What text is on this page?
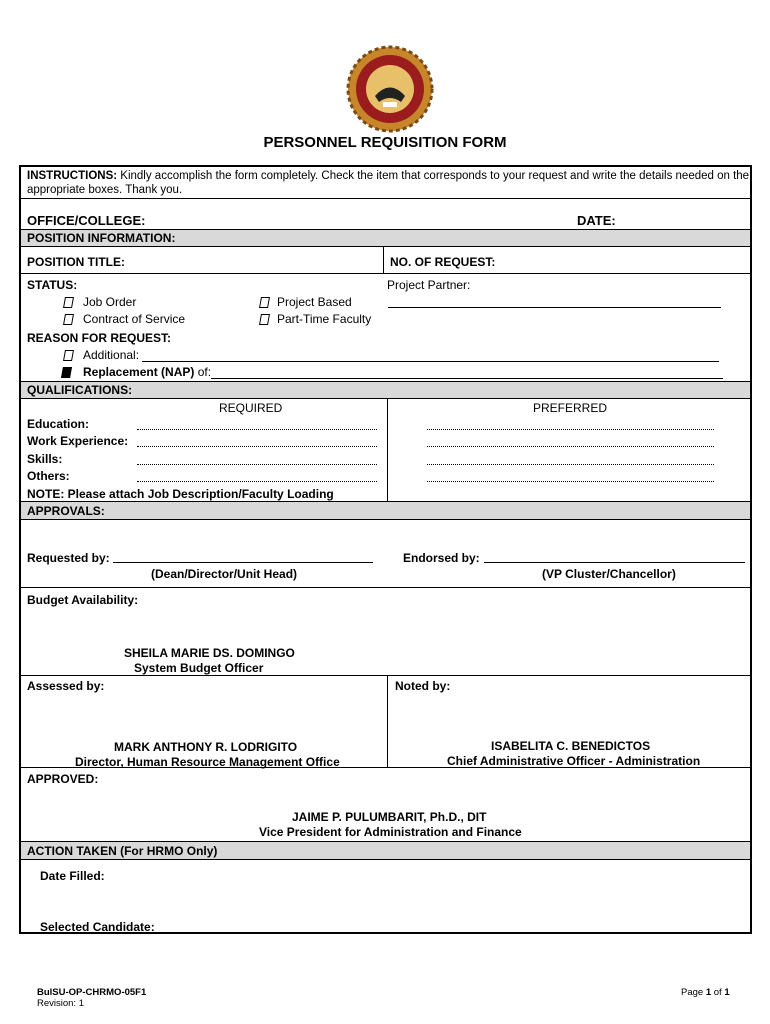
PERSONNEL REQUISITION FORM
INSTRUCTIONS: Kindly accomplish the form completely. Check the item that corresponds to your request and write the details needed on the
appropriate boxes. Thank you.
OFFICE/COLLEGE:	DATE:
POSITION INFORMATION:
POSITION TITLE:	NO. OF REQUEST:
STATUS:
Job Order
Contract of Service
Project Based
Part-Time Faculty
Project Partner:
REASON FOR REQUEST:
Additional:
Replacement (NAP) of:
QUALIFICATIONS:
REQUIRED	PREFERRED
Education:
Work Experience:
Skills:
Others:
NOTE: Please attach Job Description/Faculty Loading
APPROVALS:
Requested by:
(Dean/Director/Unit Head)
Endorsed by:
(VP Cluster/Chancellor)
Budget Availability:
SHEILA MARIE DS. DOMINGO
System Budget Officer
Assessed by:
MARK ANTHONY R. LODRIGITO
Director, Human Resource Management Office
Noted by:
ISABELITA C. BENEDICTOS
Chief Administrative Officer - Administration
APPROVED:
JAIME P. PULUMBARIT, Ph.D., DIT
Vice President for Administration and Finance
ACTION TAKEN (For HRMO Only)
Date Filled:
Selected Candidate:
BulSU-OP-CHRMO-05F1
Revision: 1
Page 1 of 1
